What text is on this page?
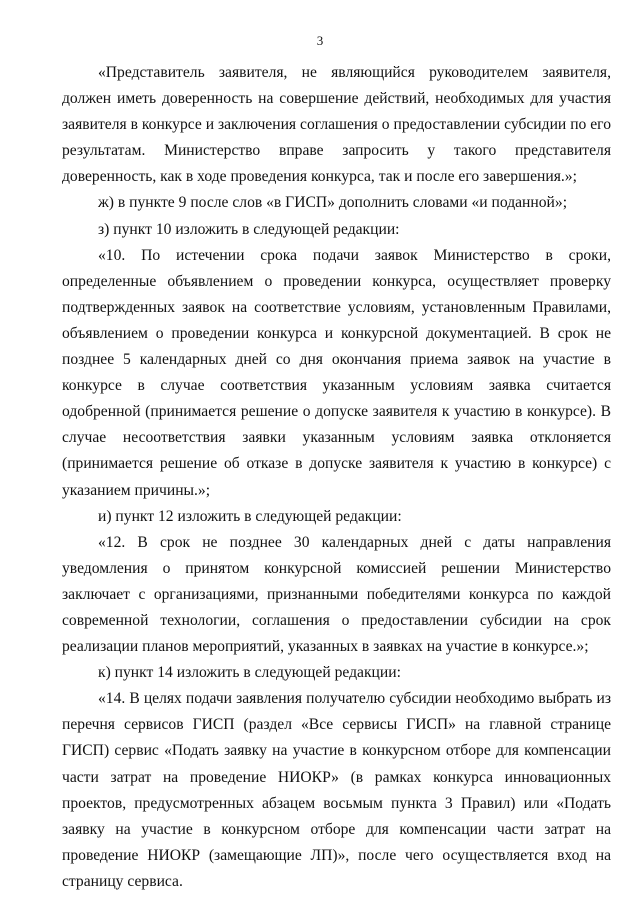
3

«Представитель заявителя, не являющийся руководителем заявителя, должен иметь доверенность на совершение действий, необходимых для участия заявителя в конкурсе и заключения соглашения о предоставлении субсидии по его результатам. Министерство вправе запросить у такого представителя доверенность, как в ходе проведения конкурса, так и после его завершения.»;

ж) в пункте 9 после слов «в ГИСП» дополнить словами «и поданной»;

з) пункт 10 изложить в следующей редакции:

«10. По истечении срока подачи заявок Министерство в сроки, определенные объявлением о проведении конкурса, осуществляет проверку подтвержденных заявок на соответствие условиям, установленным Правилами, объявлением о проведении конкурса и конкурсной документацией. В срок не позднее 5 календарных дней со дня окончания приема заявок на участие в конкурсе в случае соответствия указанным условиям заявка считается одобренной (принимается решение о допуске заявителя к участию в конкурсе). В случае несоответствия заявки указанным условиям заявка отклоняется (принимается решение об отказе в допуске заявителя к участию в конкурсе) с указанием причины.»;

и) пункт 12 изложить в следующей редакции:

«12. В срок не позднее 30 календарных дней с даты направления уведомления о принятом конкурсной комиссией решении Министерство заключает с организациями, признанными победителями конкурса по каждой современной технологии, соглашения о предоставлении субсидии на срок реализации планов мероприятий, указанных в заявках на участие в конкурсе.»;

к) пункт 14 изложить в следующей редакции:

«14. В целях подачи заявления получателю субсидии необходимо выбрать из перечня сервисов ГИСП (раздел «Все сервисы ГИСП» на главной странице ГИСП) сервис «Подать заявку на участие в конкурсном отборе для компенсации части затрат на проведение НИОКР» (в рамках конкурса инновационных проектов, предусмотренных абзацем восьмым пункта 3 Правил) или «Подать заявку на участие в конкурсном отборе для компенсации части затрат на проведение НИОКР (замещающие ЛП)», после чего осуществляется вход на страницу сервиса.
